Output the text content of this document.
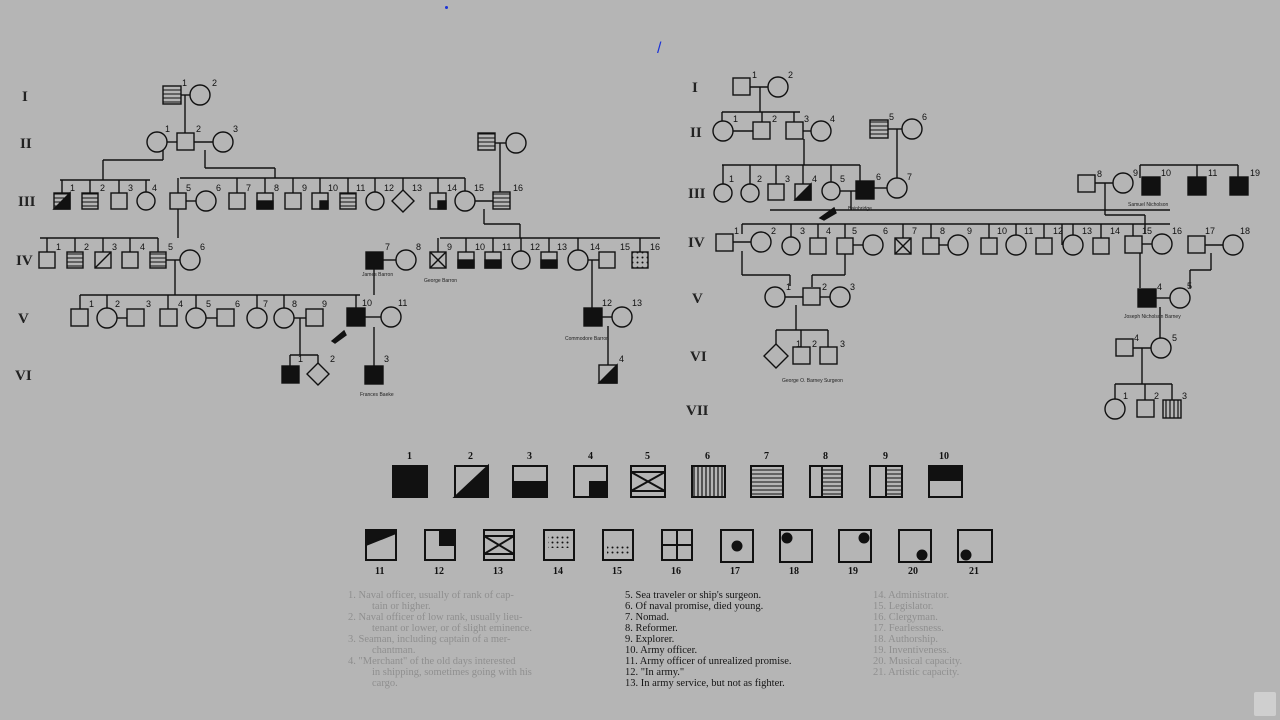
/
I
II
III
IV
V
VI
I
II
III
IV
V
VI
VII
1	2
1	2	3
1	2	3 4	5	6	7	8	9 10 11 12 13	14 15	16
1	2	3	4	5	6	7	8	9	10 11 12 13	14 15 16
1 2	3	4	5	6	7	8	9	10	11	12 13
1	2	3	4
James Barron
George Barron
Commodore Barron
Frances Baeke
1	2
1	2	3 4	5	6
1	2	3 4	5	6	7	8	9	10	11	19
1	2	3 4 5	6	7	8 9	10 11 12 13 14 15 16	17	18
1	2	3	4	5
1 2	3
4	5
1	2	3
Bainbridge
Samuel Nicholson
Joseph Nicholson Barney
George O. Barney Surgeon
1	2	3	4	5	6	7	8	9	10
11	12	13	14	15	16	17	18	19	20	21
1. Naval officer, usually of rank of cap-
tain or higher.
2. Naval officer of low rank, usually lieu-
tenant or lower, or of slight eminence.
3. Seaman, including captain of a mer-
chantman.
4. "Merchant" of the old days interested
in shipping, sometimes going with his
cargo.
5. Sea traveler or ship's surgeon.
6. Of naval promise, died young.
7. Nomad.
8. Reformer.
9. Explorer.
10. Army officer.
11. Army officer of unrealized promise.
12. "In army."
13. In army service, but not as fighter.
14. Administrator.
15. Legislator.
16. Clergyman.
17. Fearlessness.
18. Authorship.
19. Inventiveness.
20. Musical capacity.
21. Artistic capacity.
